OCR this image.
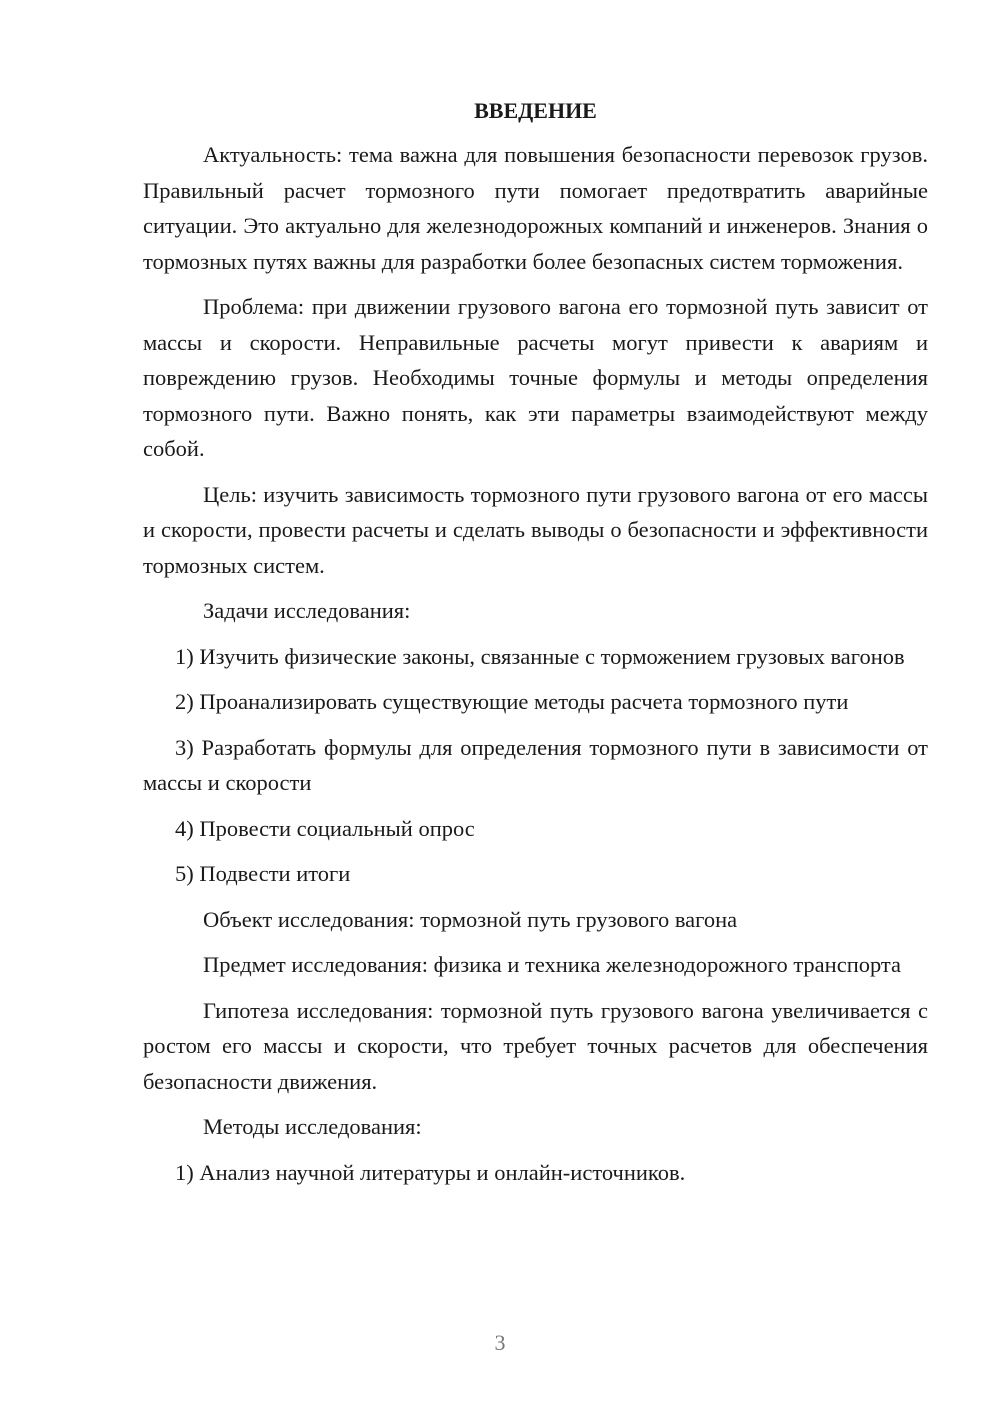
ВВЕДЕНИЕ

Актуальность: тема важна для повышения безопасности перевозок грузов. Правильный расчет тормозного пути помогает предотвратить аварийные ситуации. Это актуально для железнодорожных компаний и инженеров. Знания о тормозных путях важны для разработки более безопасных систем торможения.

Проблема: при движении грузового вагона его тормозной путь зависит от массы и скорости. Неправильные расчеты могут привести к авариям и повреждению грузов. Необходимы точные формулы и методы определения тормозного пути. Важно понять, как эти параметры взаимодействуют между собой.

Цель: изучить зависимость тормозного пути грузового вагона от его массы и скорости, провести расчеты и сделать выводы о безопасности и эффективности тормозных систем.

Задачи исследования:

1) Изучить физические законы, связанные с торможением грузовых вагонов

2) Проанализировать существующие методы расчета тормозного пути

3) Разработать формулы для определения тормозного пути в зависимости от массы и скорости

4) Провести социальный опрос

5) Подвести итоги

Объект исследования: тормозной путь грузового вагона

Предмет исследования: физика и техника железнодорожного транспорта

Гипотеза исследования: тормозной путь грузового вагона увеличивается с ростом его массы и скорости, что требует точных расчетов для обеспечения безопасности движения.

Методы исследования:

1) Анализ научной литературы и онлайн-источников.

3
